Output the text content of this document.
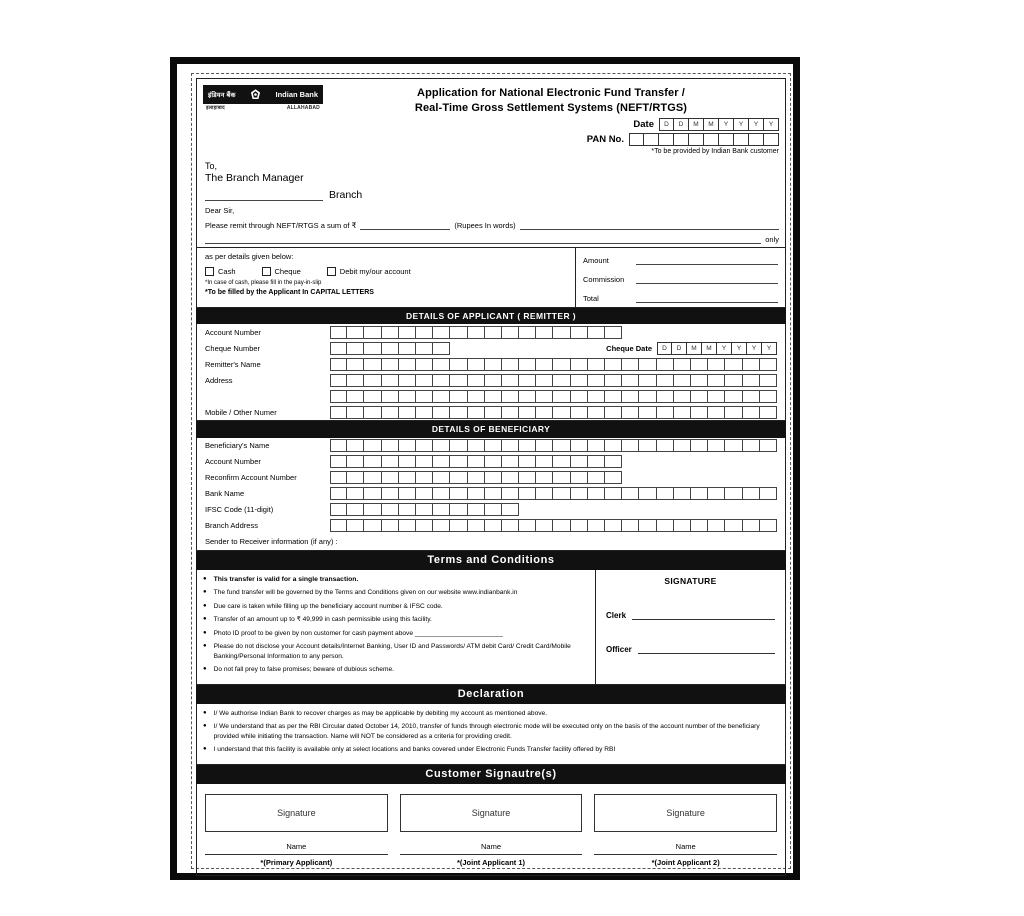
इंडियन बैंक	Indian Bank
इलाहाबाद	ALLAHABAD
Application for National Electronic Fund Transfer /
Real-Time Gross Settlement Systems (NEFT/RTGS)
Date	D	D	M	M	Y	Y	Y	Y
PAN No.
*To be provided by Indian Bank customer
To,
The Branch Manager
Branch
Dear Sir,
Please remit through NEFT/RTGS a sum of ₹	(Rupees In words)
only
as per details given below:
Cash	Cheque	Debit my/our account
*In case of cash, please fill in the pay-in-slip
*To be filled by the Applicant In CAPITAL LETTERS
Amount
Commission
Total
DETAILS OF APPLICANT ( REMITTER )
Account Number
Cheque Number	Cheque Date	D	D	M	M	Y	Y	Y	Y
Remitter's Name
Address
Mobile / Other Numer
DETAILS OF BENEFICIARY
Beneficiary's Name
Account Number
Reconfirm Account Number
Bank Name
IFSC Code (11-digit)
Branch Address
Sender to Receiver information (if any) :
Terms and Conditions
● This transfer is valid for a single transaction.
● The fund transfer will be governed by the Terms and Conditions given on our website www.indianbank.in
● Due care is taken while filling up the beneficiary account number & IFSC code.
● Transfer of an amount up to ₹ 49,999 in cash permissible using this facility.
● Photo ID proof to be given by non customer for cash payment above ________________________
● Please do not disclose your Account details/Internet Banking, User ID and Passwords/ ATM debit Card/ Credit Card/Mobile Banking/Personal Information to any person.
● Do not fall prey to false promises; beware of dubious scheme.
SIGNATURE
Clerk
Officer
Declaration
● I/ We authorise Indian Bank to recover charges as may be applicable by debiting my account as mentioned above.
● I/ We understand that as per the RBI Circular dated October 14, 2010, transfer of funds through electronic mode will be executed only on the basis of the account number of the beneficiary provided while initiating the transaction. Name will NOT be considered as a criteria for providing credit.
● I understand that this facility is available only at select locations and banks covered under Electronic Funds Transfer facility offered by RBI
Customer Signautre(s)
Signature
Name
*(Primary Applicant)
Signature
Name
*(Joint Applicant 1)
Signature
Name
*(Joint Applicant 2)
